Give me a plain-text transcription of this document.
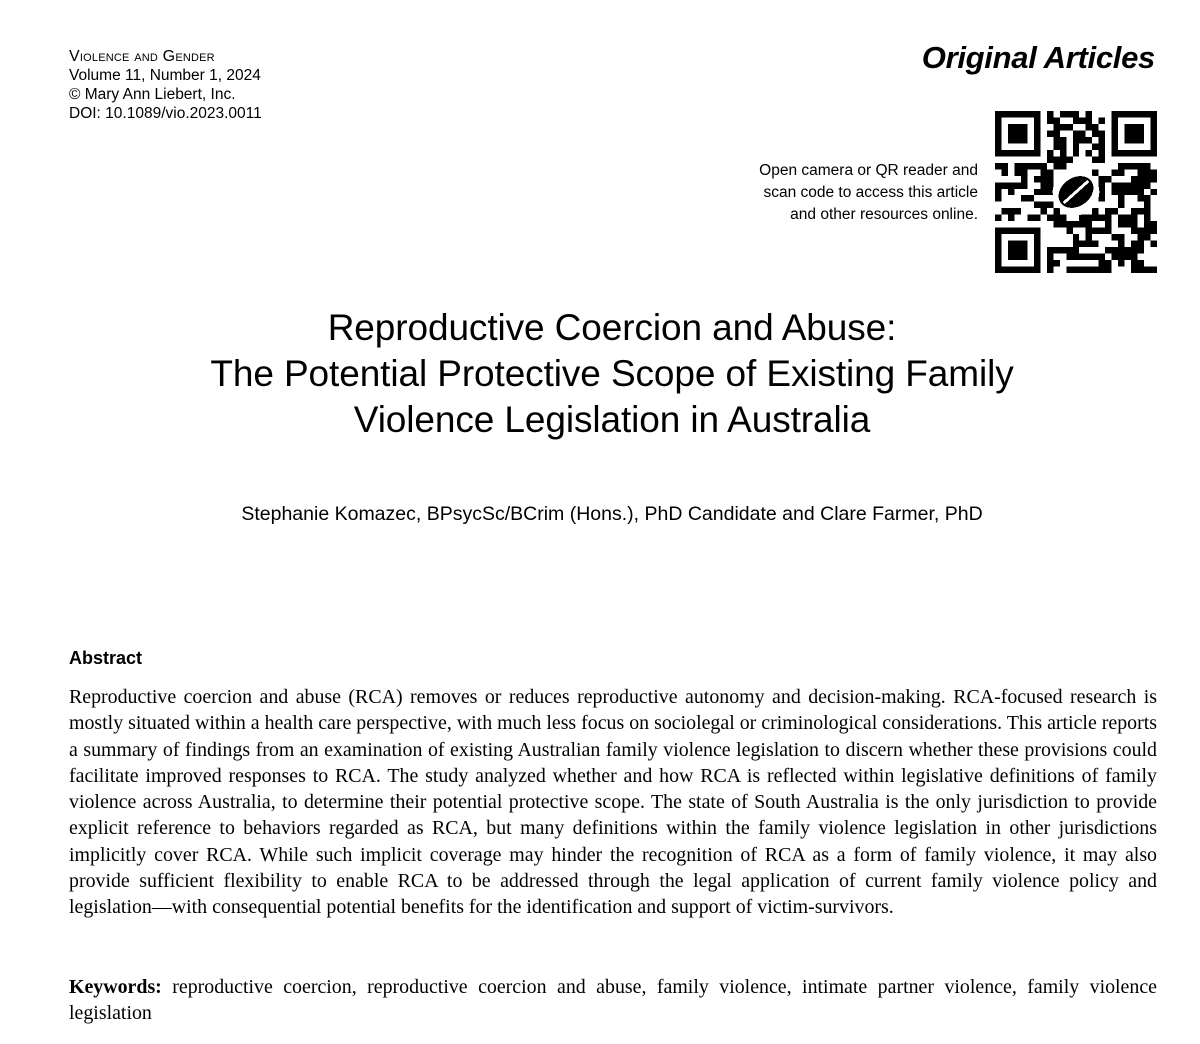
Violence and Gender
Volume 11, Number 1, 2024
© Mary Ann Liebert, Inc.
DOI: 10.1089/vio.2023.0011
Original Articles
Open camera or QR reader and
scan code to access this article
and other resources online.
Reproductive Coercion and Abuse:
The Potential Protective Scope of Existing Family
Violence Legislation in Australia
Stephanie Komazec, BPsycSc/BCrim (Hons.), PhD Candidate and Clare Farmer, PhD
Abstract

Reproductive coercion and abuse (RCA) removes or reduces reproductive autonomy and decision-making. RCA-focused research is mostly situated within a health care perspective, with much less focus on sociolegal or criminological considerations. This article reports a summary of findings from an examination of existing Australian family violence legislation to discern whether these provisions could facilitate improved responses to RCA. The study analyzed whether and how RCA is reflected within legislative definitions of family violence across Australia, to determine their potential protective scope. The state of South Australia is the only jurisdiction to provide explicit reference to behaviors regarded as RCA, but many definitions within the family violence legislation in other jurisdictions implicitly cover RCA. While such implicit coverage may hinder the recognition of RCA as a form of family violence, it may also provide sufficient flexibility to enable RCA to be addressed through the legal application of current family violence policy and legislation—with consequential potential benefits for the identification and support of victim-survivors.

Keywords: reproductive coercion, reproductive coercion and abuse, family violence, intimate partner violence, family violence legislation
